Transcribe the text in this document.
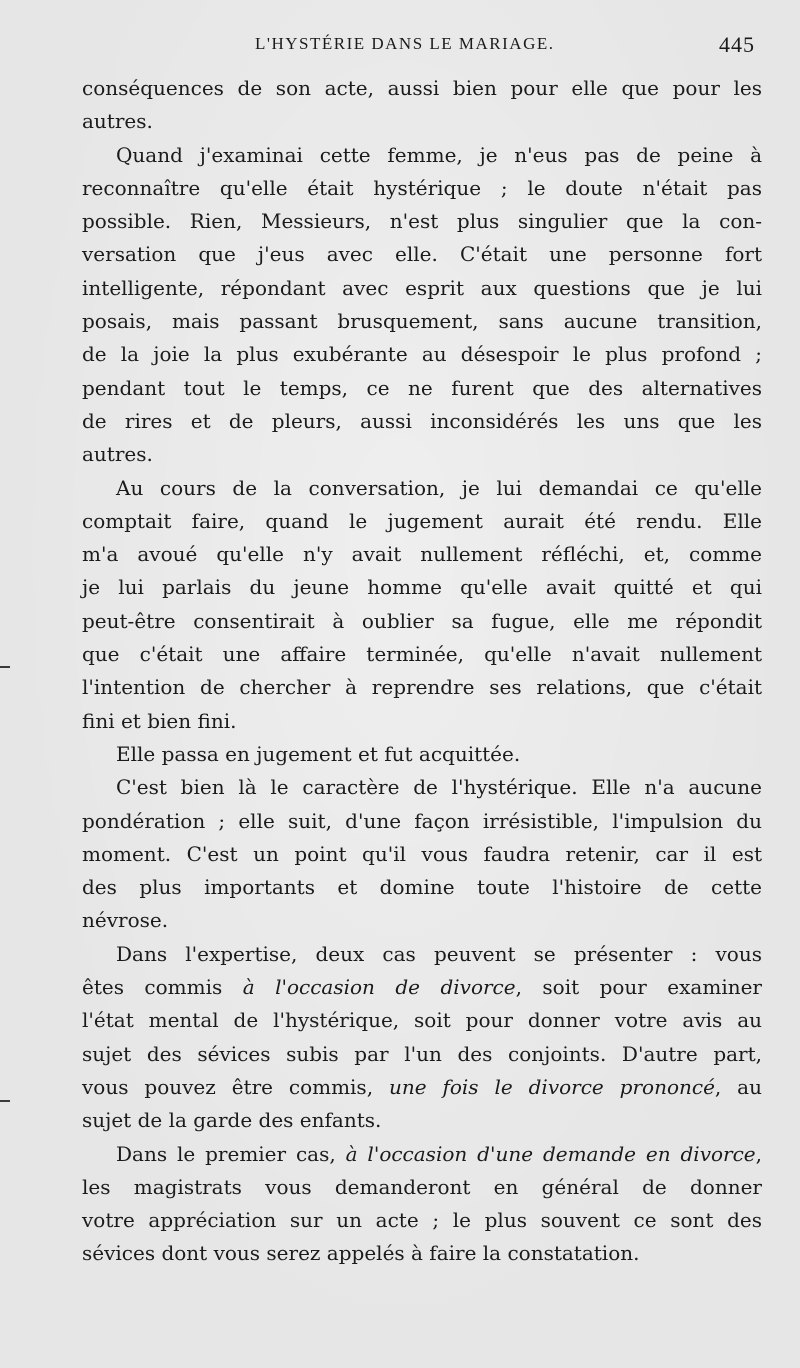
L'HYSTÉRIE DANS LE MARIAGE.	445
conséquences de son acte, aussi bien pour elle que pour les
autres.
Quand j'examinai cette femme, je n'eus pas de peine à
reconnaître qu'elle était hystérique ; le doute n'était pas
possible. Rien, Messieurs, n'est plus singulier que la con-
versation que j'eus avec elle. C'était une personne fort
intelligente, répondant avec esprit aux questions que je lui
posais, mais passant brusquement, sans aucune transition,
de la joie la plus exubérante au désespoir le plus profond ;
pendant tout le temps, ce ne furent que des alternatives
de rires et de pleurs, aussi inconsidérés les uns que les
autres.
Au cours de la conversation, je lui demandai ce qu'elle
comptait faire, quand le jugement aurait été rendu. Elle
m'a avoué qu'elle n'y avait nullement réfléchi, et, comme
je lui parlais du jeune homme qu'elle avait quitté et qui
peut-être consentirait à oublier sa fugue, elle me répondit
que c'était une affaire terminée, qu'elle n'avait nullement
l'intention de chercher à reprendre ses relations, que c'était
fini et bien fini.
Elle passa en jugement et fut acquittée.
C'est bien là le caractère de l'hystérique. Elle n'a aucune
pondération ; elle suit, d'une façon irrésistible, l'impulsion du
moment. C'est un point qu'il vous faudra retenir, car il est
des plus importants et domine toute l'histoire de cette
névrose.
Dans l'expertise, deux cas peuvent se présenter : vous
êtes commis à l'occasion de divorce, soit pour examiner
l'état mental de l'hystérique, soit pour donner votre avis au
sujet des sévices subis par l'un des conjoints. D'autre part,
vous pouvez être commis, une fois le divorce prononcé, au
sujet de la garde des enfants.
Dans le premier cas, à l'occasion d'une demande en divorce,
les magistrats vous demanderont en général de donner
votre appréciation sur un acte ; le plus souvent ce sont des
sévices dont vous serez appelés à faire la constatation.
